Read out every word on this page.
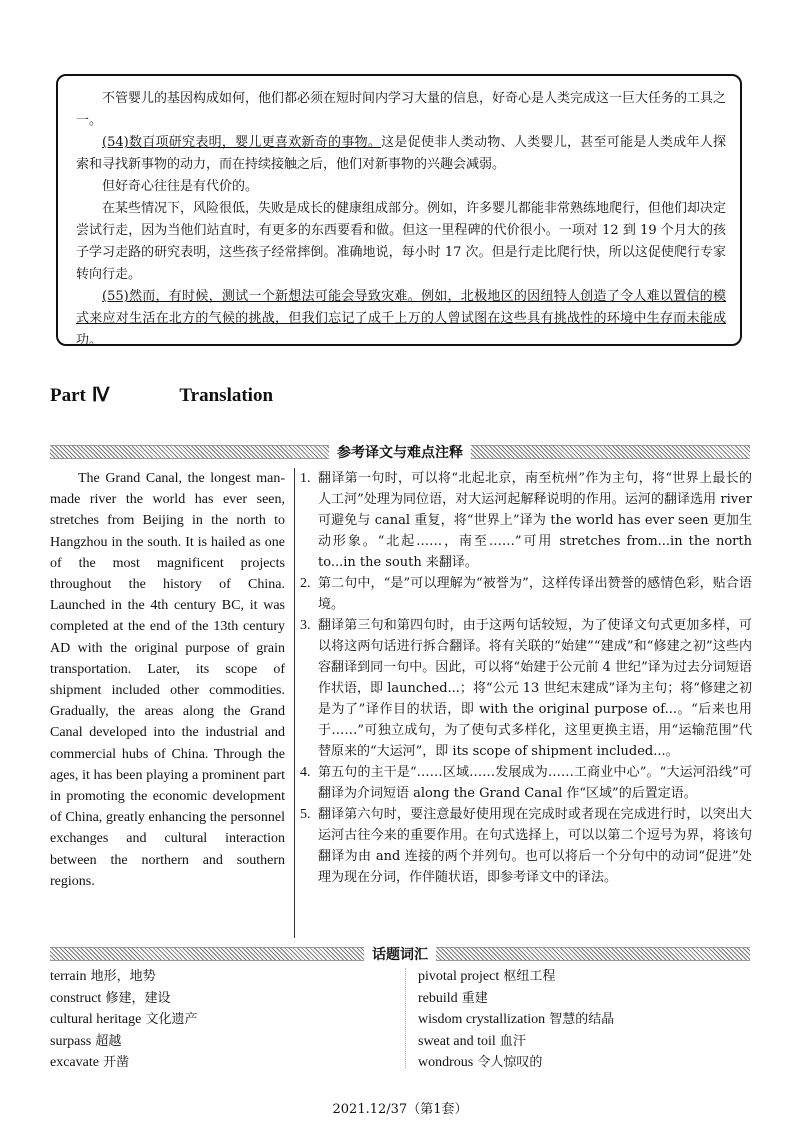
不管婴儿的基因构成如何，他们都必须在短时间内学习大量的信息，好奇心是人类完成这一巨大任务的工具之一。

(54)数百项研究表明，婴儿更喜欢新奇的事物。这是促使非人类动物、人类婴儿，甚至可能是人类成年人探索和寻找新事物的动力，而在持续接触之后，他们对新事物的兴趣会减弱。

但好奇心往往是有代价的。

在某些情况下，风险很低，失败是成长的健康组成部分。例如，许多婴儿都能非常熟练地爬行，但他们却决定尝试行走，因为当他们站直时，有更多的东西要看和做。但这一里程碑的代价很小。一项对 12 到 19 个月大的孩子学习走路的研究表明，这些孩子经常摔倒。准确地说，每小时 17 次。但是行走比爬行快，所以这促使爬行专家转向行走。

(55)然而，有时候，测试一个新想法可能会导致灾难。例如，北极地区的因纽特人创造了令人难以置信的模式来应对生活在北方的气候的挑战，但我们忘记了成千上万的人曾试图在这些具有挑战性的环境中生存而未能成功。

Part Ⅳ	Translation
参考译文与难点注释

The Grand Canal, the longest man-made river the world has ever seen, stretches from Beijing in the north to Hangzhou in the south. It is hailed as one of the most magnificent projects throughout the history of China. Launched in the 4th century BC, it was completed at the end of the 13th century AD with the original purpose of grain transportation. Later, its scope of shipment included other commodities. Gradually, the areas along the Grand Canal developed into the industrial and commercial hubs of China. Through the ages, it has been playing a prominent part in promoting the economic development of China, greatly enhancing the personnel exchanges and cultural interaction between the northern and southern regions.

1. 翻译第一句时，可以将“北起北京，南至杭州”作为主句，将“世界上最长的人工河”处理为同位语，对大运河起解释说明的作用。运河的翻译选用 river 可避免与 canal 重复，将“世界上”译为 the world has ever seen 更加生动形象。“北起……，南至……”可用 stretches from...in the north to...in the south 来翻译。
2. 第二句中，“是”可以理解为“被誉为”，这样传译出赞誉的感情色彩，贴合语境。
3. 翻译第三句和第四句时，由于这两句话较短，为了使译文句式更加多样，可以将这两句话进行拆合翻译。将有关联的“始建”“建成”和“修建之初”这些内容翻译到同一句中。因此，可以将“始建于公元前 4 世纪”译为过去分词短语作状语，即 launched...；将“公元 13 世纪末建成”译为主句；将“修建之初是为了”译作目的状语，即 with the original purpose of...。“后来也用于……”可独立成句，为了使句式多样化，这里更换主语，用“运输范围”代替原来的“大运河”，即 its scope of shipment included...。
4. 第五句的主干是“……区域……发展成为……工商业中心”。“大运河沿线”可翻译为介词短语 along the Grand Canal 作“区域”的后置定语。
5. 翻译第六句时，要注意最好使用现在完成时或者现在完成进行时，以突出大运河古往今来的重要作用。在句式选择上，可以以第二个逗号为界，将该句翻译为由 and 连接的两个并列句。也可以将后一个分句中的动词“促进”处理为现在分词，作伴随状语，即参考译文中的译法。
话题词汇
terrain 地形，地势
construct 修建，建设
cultural heritage 文化遗产
surpass 超越
excavate 开凿
pivotal project 枢纽工程
rebuild 重建
wisdom crystallization 智慧的结晶
sweat and toil 血汗
wondrous 令人惊叹的
2021.12/37（第1套）
